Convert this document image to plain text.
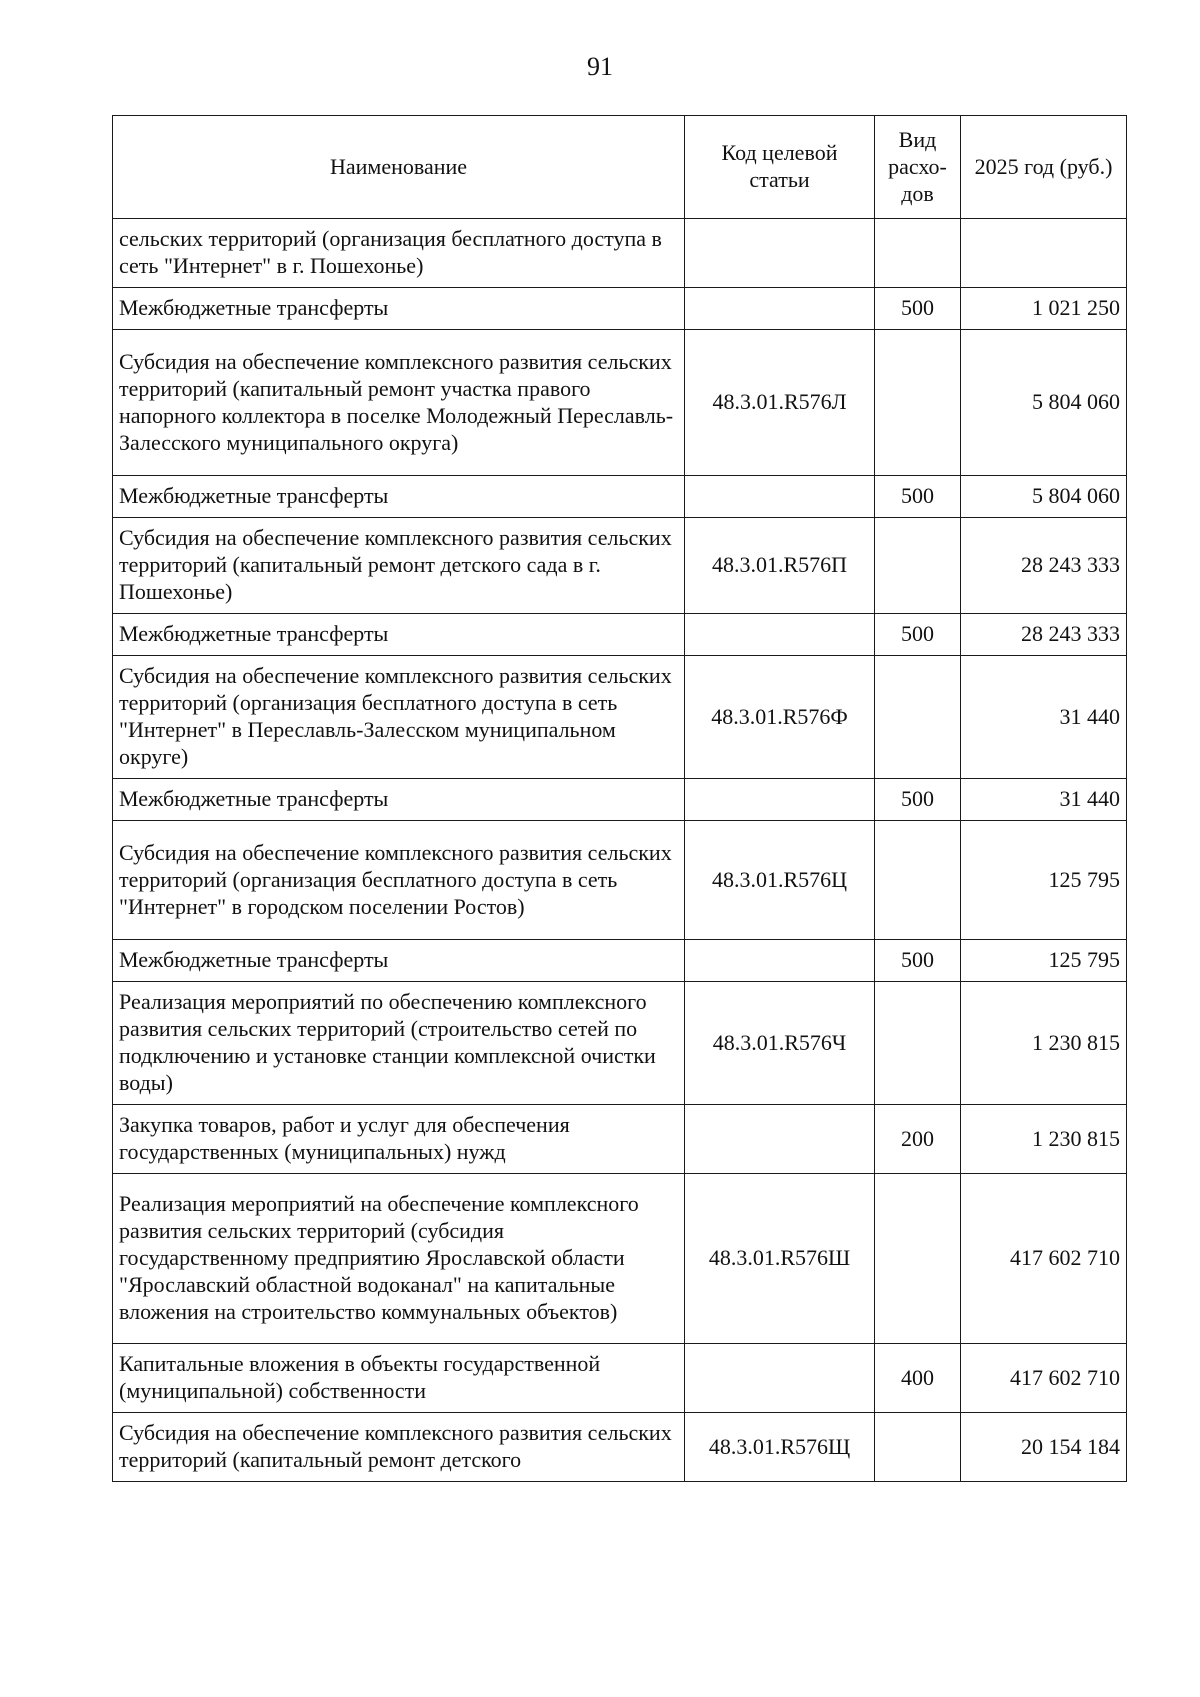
91
Наименование	Код целевой статьи	Вид расхо-дов	2025 год (руб.)
сельских территорий (организация бесплатного доступа в сеть "Интернет" в г. Пошехонье)			
Межбюджетные трансферты		500	1 021 250
Субсидия на обеспечение комплексного развития сельских территорий (капитальный ремонт участка правого напорного коллектора в поселке Молодежный Переславль-Залесского муниципального округа)	48.3.01.R576Л		5 804 060
Межбюджетные трансферты		500	5 804 060
Субсидия на обеспечение комплексного развития сельских территорий (капитальный ремонт детского сада в г. Пошехонье)	48.3.01.R576П		28 243 333
Межбюджетные трансферты		500	28 243 333
Субсидия на обеспечение комплексного развития сельских территорий (организация бесплатного доступа в сеть "Интернет" в Переславль-Залесском муниципальном округе)	48.3.01.R576Ф		31 440
Межбюджетные трансферты		500	31 440
Субсидия на обеспечение комплексного развития сельских территорий (организация бесплатного доступа в сеть "Интернет" в городском поселении Ростов)	48.3.01.R576Ц		125 795
Межбюджетные трансферты		500	125 795
Реализация мероприятий по обеспечению комплексного развития сельских территорий (строительство сетей по подключению и установке станции комплексной очистки воды)	48.3.01.R576Ч		1 230 815
Закупка товаров, работ и услуг для обеспечения государственных (муниципальных) нужд		200	1 230 815
Реализация мероприятий на обеспечение комплексного развития сельских территорий (субсидия государственному предприятию Ярославской области "Ярославский областной водоканал" на капитальные вложения на строительство коммунальных объектов)	48.3.01.R576Ш		417 602 710
Капитальные вложения в объекты государственной (муниципальной) собственности		400	417 602 710
Субсидия на обеспечение комплексного развития сельских территорий (капитальный ремонт детского	48.3.01.R576Щ		20 154 184
